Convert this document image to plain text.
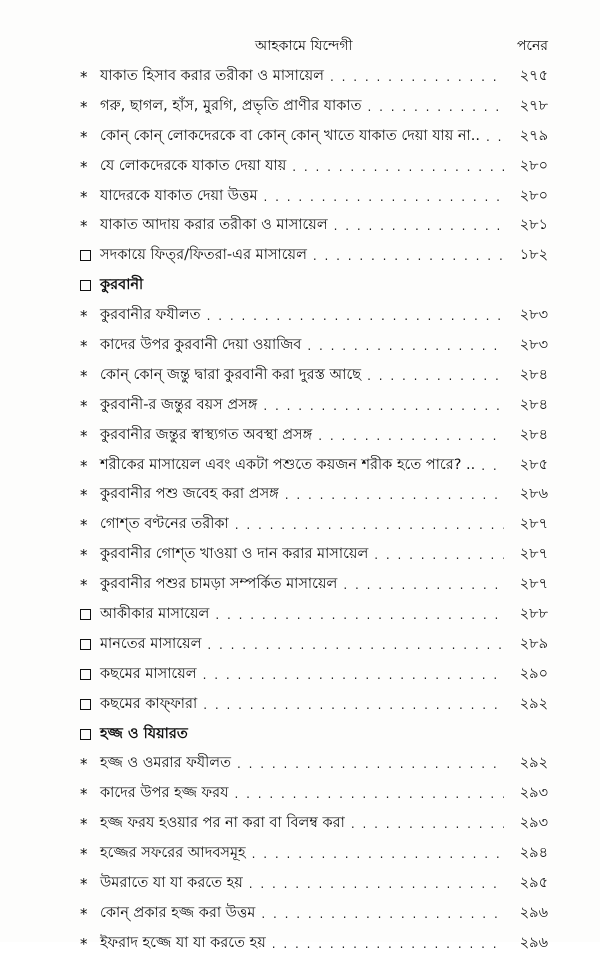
আহকামে যিন্দেগী	পনের
* যাকাত হিসাব করার তরীকা ও মাসায়েল . . .	২৭৫
* গরু, ছাগল, হাঁস, মুরগি, প্রভৃতি প্রাণীর যাকাত . . .	২৭৮
* কোন্ কোন্ লোকদেরকে বা কোন্ কোন্ খাতে যাকাত দেয়া যায় না.. . . .	২৭৯
* যে লোকদেরকে যাকাত দেয়া যায় . . .	২৮০
* যাদেরকে যাকাত দেয়া উত্তম . . .	২৮০
* যাকাত আদায় করার তরীকা ও মাসায়েল . . .	২৮১
সদকায়ে ফিত্‌র/ফিতরা-এর মাসায়েল . . .	১৮২
কুরবানী
* কুরবানীর ফযীলত . . .	২৮৩
* কাদের উপর কুরবানী দেয়া ওয়াজিব . . .	২৮৩
* কোন্ কোন্ জন্তু দ্বারা কুরবানী করা দুরস্ত আছে . . .	২৮৪
* কুরবানী-র জন্তুর বয়স প্রসঙ্গ . . .	২৮৪
* কুরবানীর জন্তুর স্বাস্থ্যগত অবস্থা প্রসঙ্গ . . .	২৮৪
* শরীকের মাসায়েল এবং একটা পশুতে কয়জন শরীক হতে পারে? .. . . .	২৮৫
* কুরবানীর পশু জবেহ করা প্রসঙ্গ . . .	২৮৬
* গোশ্‌ত বণ্টনের তরীকা . . .	২৮৭
* কুরবানীর গোশ্‌ত খাওয়া ও দান করার মাসায়েল . . .	২৮৭
* কুরবানীর পশুর চামড়া সম্পর্কিত মাসায়েল . . .	২৮৭
আকীকার মাসায়েল . . .	২৮৮
মানতের মাসায়েল . . .	২৮৯
কছমের মাসায়েল . . .	২৯০
কছমের কাফ্‌ফারা . . .	২৯২
হজ্জ ও যিয়ারত
* হজ্জ ও ওমরার ফযীলত . . .	২৯২
* কাদের উপর হজ্জ ফরয . . .	২৯৩
* হজ্জ ফরয হওয়ার পর না করা বা বিলম্ব করা . . .	২৯৩
* হজ্জের সফরের আদবসমূহ . . .	২৯৪
* উমরাতে যা যা করতে হয় . . .	২৯৫
* কোন্ প্রকার হজ্জ করা উত্তম . . .	২৯৬
* ইফরাদ হজ্জে যা যা করতে হয় . . .	২৯৬
